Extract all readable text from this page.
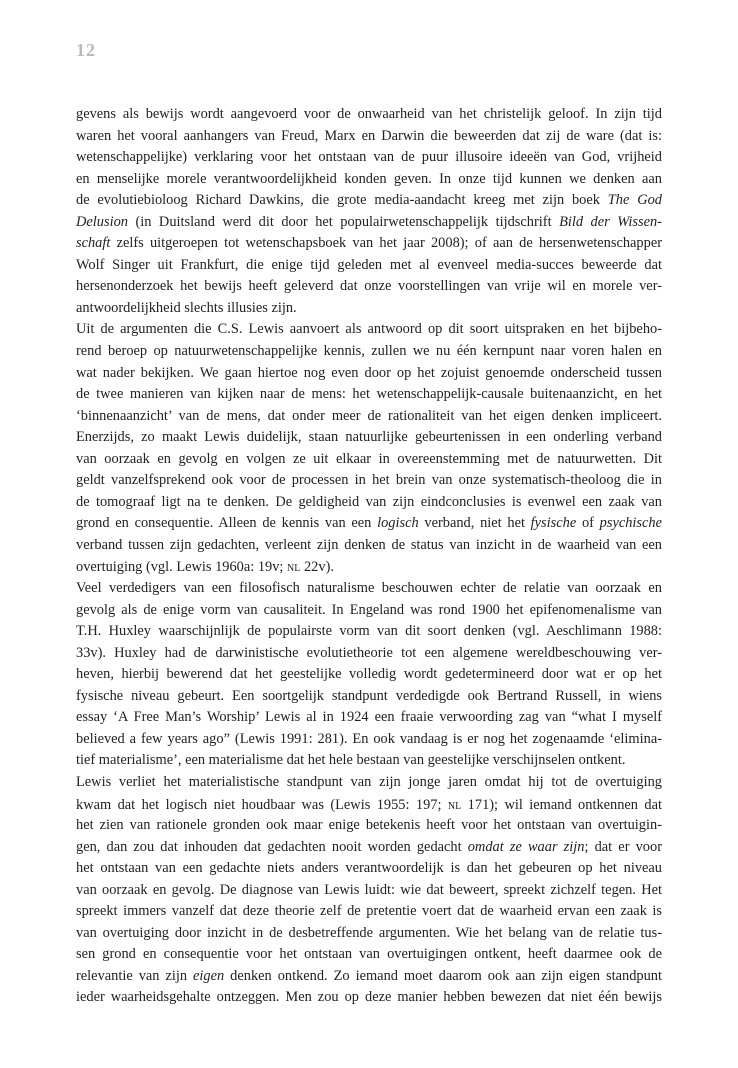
12
gevens als bewijs wordt aangevoerd voor de onwaarheid van het christelijk geloof. In zijn tijd
waren het vooral aanhangers van Freud, Marx en Darwin die beweerden dat zij de ware (dat is:
wetenschappelijke) verklaring voor het ontstaan van de puur illusoire ideeën van God, vrijheid
en menselijke morele verantwoordelijkheid konden geven. In onze tijd kunnen we denken aan
de evolutiebioloog Richard Dawkins, die grote media-aandacht kreeg met zijn boek The God
Delusion (in Duitsland werd dit door het populairwetenschappelijk tijdschrift Bild der Wissen-
schaft zelfs uitgeroepen tot wetenschapsboek van het jaar 2008); of aan de hersenwetenschapper
Wolf Singer uit Frankfurt, die enige tijd geleden met al evenveel media-succes beweerde dat
hersenonderzoek het bewijs heeft geleverd dat onze voorstellingen van vrije wil en morele ver-
antwoordelijkheid slechts illusies zijn.
Uit de argumenten die C.S. Lewis aanvoert als antwoord op dit soort uitspraken en het bijbeho-
rend beroep op natuurwetenschappelijke kennis, zullen we nu één kernpunt naar voren halen en
wat nader bekijken. We gaan hiertoe nog even door op het zojuist genoemde onderscheid tussen
de twee manieren van kijken naar de mens: het wetenschappelijk-causale buitenaanzicht, en het
‘binnenaanzicht’ van de mens, dat onder meer de rationaliteit van het eigen denken impliceert.
Enerzijds, zo maakt Lewis duidelijk, staan natuurlijke gebeurtenissen in een onderling verband
van oorzaak en gevolg en volgen ze uit elkaar in overeenstemming met de natuurwetten. Dit
geldt vanzelfsprekend ook voor de processen in het brein van onze systematisch-theoloog die in
de tomograaf ligt na te denken. De geldigheid van zijn eindconclusies is evenwel een zaak van
grond en consequentie. Alleen de kennis van een logisch verband, niet het fysische of psychische
verband tussen zijn gedachten, verleent zijn denken de status van inzicht in de waarheid van een
overtuiging (vgl. Lewis 1960a: 19v; nl 22v).
Veel verdedigers van een filosofisch naturalisme beschouwen echter de relatie van oorzaak en
gevolg als de enige vorm van causaliteit. In Engeland was rond 1900 het epifenomenalisme van
T.H. Huxley waarschijnlijk de populairste vorm van dit soort denken (vgl. Aeschlimann 1988:
33v). Huxley had de darwinistische evolutietheorie tot een algemene wereldbeschouwing ver-
heven, hierbij bewerend dat het geestelijke volledig wordt gedetermineerd door wat er op het
fysische niveau gebeurt. Een soortgelijk standpunt verdedigde ook Bertrand Russell, in wiens
essay ‘A Free Man’s Worship’ Lewis al in 1924 een fraaie verwoording zag van “what I myself
believed a few years ago” (Lewis 1991: 281). En ook vandaag is er nog het zogenaamde ‘elimina-
tief materialisme’, een materialisme dat het hele bestaan van geestelijke verschijnselen ontkent.
Lewis verliet het materialistische standpunt van zijn jonge jaren omdat hij tot de overtuiging
kwam dat het logisch niet houdbaar was (Lewis 1955: 197; nl 171); wil iemand ontkennen dat
het zien van rationele gronden ook maar enige betekenis heeft voor het ontstaan van overtuigin-
gen, dan zou dat inhouden dat gedachten nooit worden gedacht omdat ze waar zijn; dat er voor
het ontstaan van een gedachte niets anders verantwoordelijk is dan het gebeuren op het niveau
van oorzaak en gevolg. De diagnose van Lewis luidt: wie dat beweert, spreekt zichzelf tegen. Het
spreekt immers vanzelf dat deze theorie zelf de pretentie voert dat de waarheid ervan een zaak is
van overtuiging door inzicht in de desbetreffende argumenten. Wie het belang van de relatie tus-
sen grond en consequentie voor het ontstaan van overtuigingen ontkent, heeft daarmee ook de
relevantie van zijn eigen denken ontkend. Zo iemand moet daarom ook aan zijn eigen standpunt
ieder waarheidsgehalte ontzeggen. Men zou op deze manier hebben bewezen dat niet één bewijs
